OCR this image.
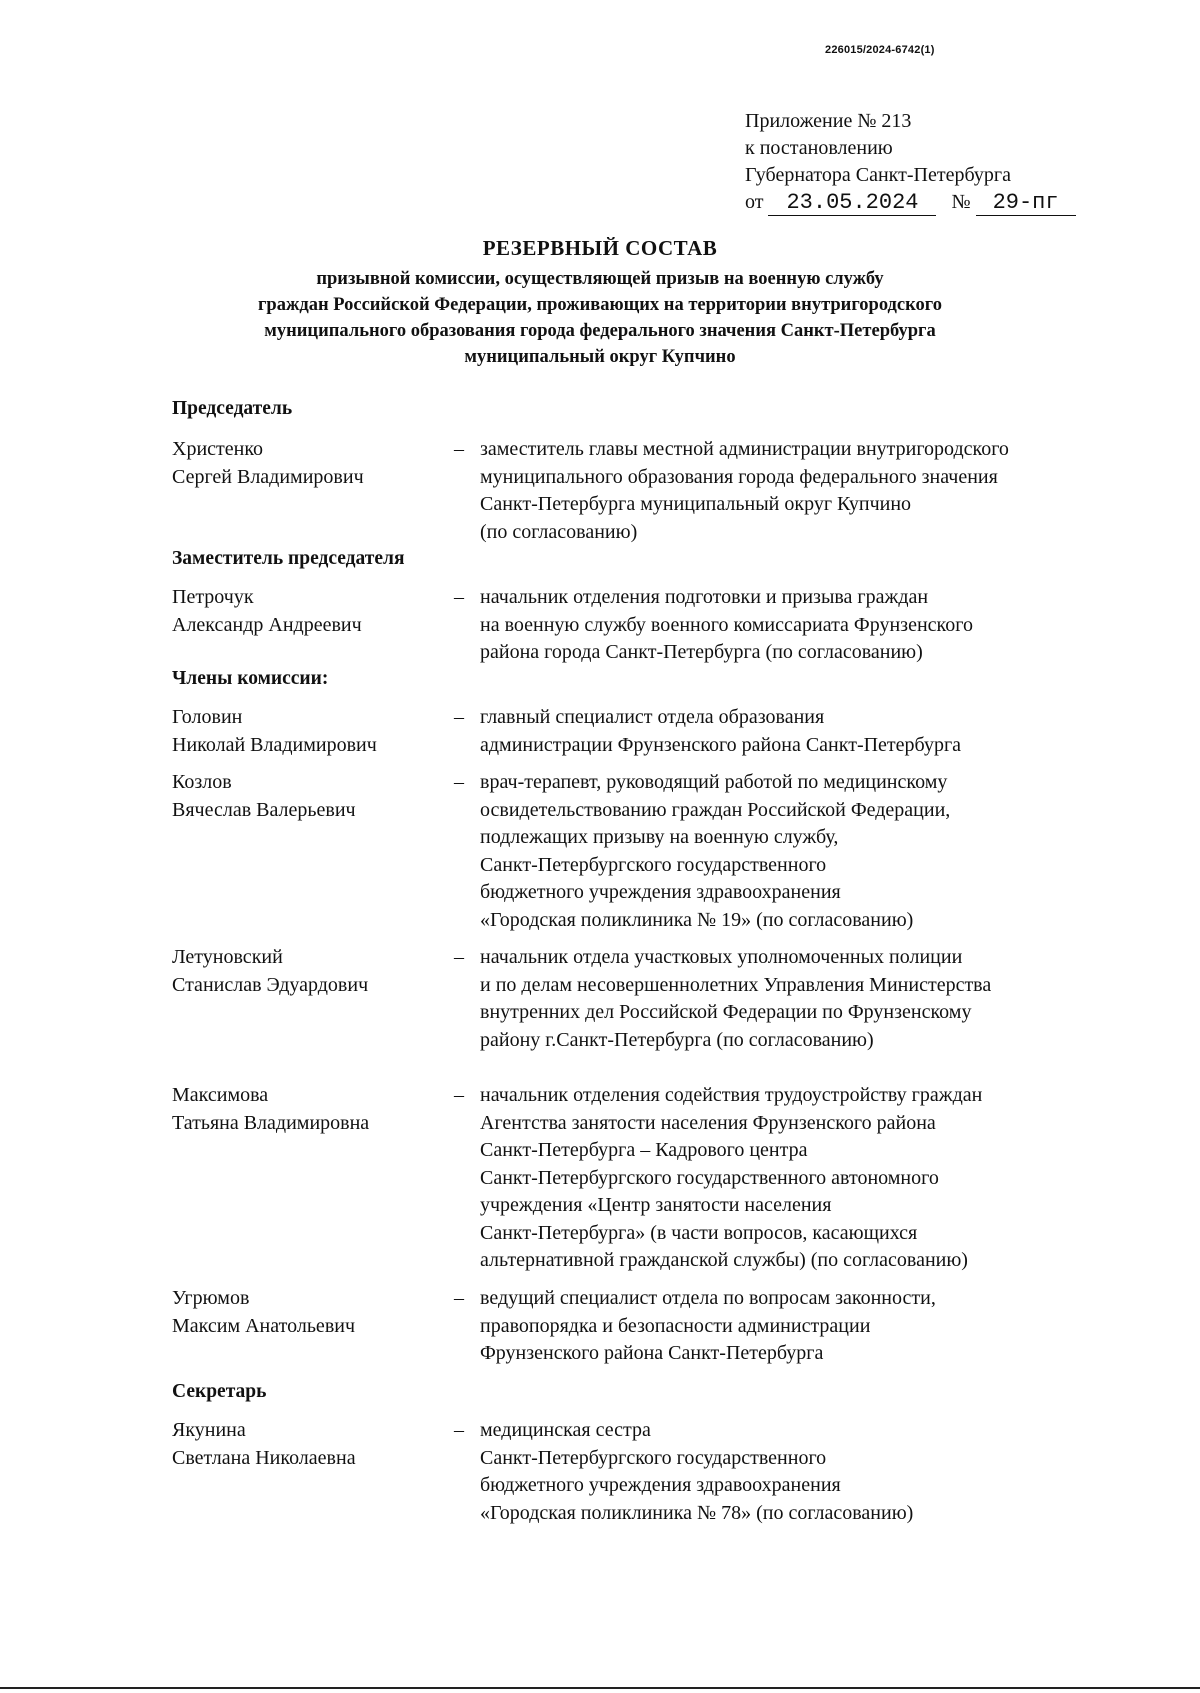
226015/2024-6742(1)
Приложение № 213
к постановлению
Губернатора Санкт-Петербурга
от 23.05.2024 № 29-пг
РЕЗЕРВНЫЙ СОСТАВ
призывной комиссии, осуществляющей призыв на военную службу
граждан Российской Федерации, проживающих на территории внутригородского
муниципального образования города федерального значения Санкт-Петербурга
муниципальный округ Купчино
Председатель
Христенко
Сергей Владимирович
– заместитель главы местной администрации внутригородского
муниципального образования города федерального значения
Санкт-Петербурга муниципальный округ Купчино
(по согласованию)
Заместитель председателя
Петрочук
Александр Андреевич
– начальник отделения подготовки и призыва граждан
на военную службу военного комиссариата Фрунзенского
района города Санкт-Петербурга (по согласованию)
Члены комиссии:
Головин
Николай Владимирович
– главный специалист отдела образования
администрации Фрунзенского района Санкт-Петербурга
Козлов
Вячеслав Валерьевич
– врач-терапевт, руководящий работой по медицинскому
освидетельствованию граждан Российской Федерации,
подлежащих призыву на военную службу,
Санкт-Петербургского государственного
бюджетного учреждения здравоохранения
«Городская поликлиника № 19» (по согласованию)
Летуновский
Станислав Эдуардович
– начальник отдела участковых уполномоченных полиции
и по делам несовершеннолетних Управления Министерства
внутренних дел Российской Федерации по Фрунзенскому
району г.Санкт-Петербурга (по согласованию)
Максимова
Татьяна Владимировна
– начальник отделения содействия трудоустройству граждан
Агентства занятости населения Фрунзенского района
Санкт-Петербурга – Кадрового центра
Санкт-Петербургского государственного автономного
учреждения «Центр занятости населения
Санкт-Петербурга» (в части вопросов, касающихся
альтернативной гражданской службы) (по согласованию)
Угрюмов
Максим Анатольевич
– ведущий специалист отдела по вопросам законности,
правопорядка и безопасности администрации
Фрунзенского района Санкт-Петербурга
Секретарь
Якунина
Светлана Николаевна
– медицинская сестра
Санкт-Петербургского государственного
бюджетного учреждения здравоохранения
«Городская поликлиника № 78» (по согласованию)
